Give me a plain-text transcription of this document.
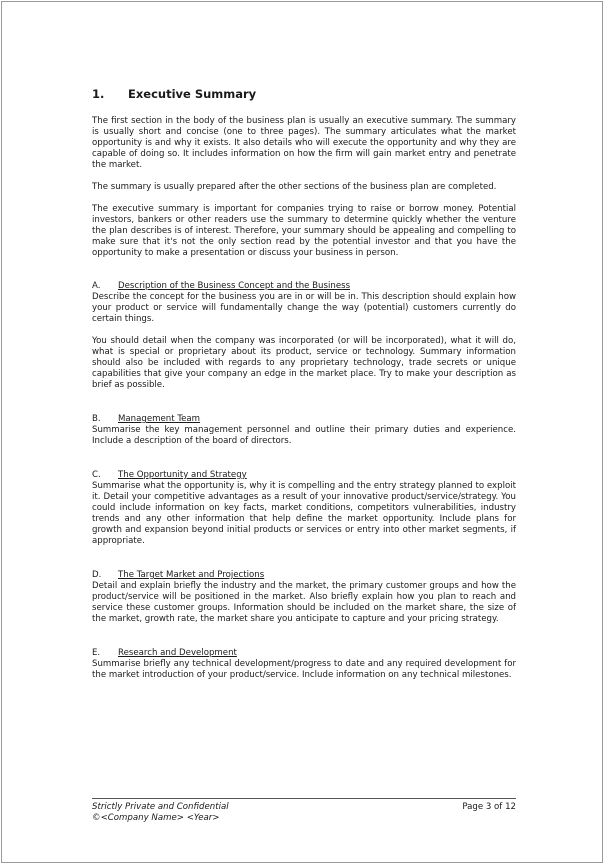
1.	Executive Summary

The first section in the body of the business plan is usually an executive summary. The summary is usually short and concise (one to three pages). The summary articulates what the market opportunity is and why it exists. It also details who will execute the opportunity and why they are capable of doing so. It includes information on how the firm will gain market entry and penetrate the market.

The summary is usually prepared after the other sections of the business plan are completed.

The executive summary is important for companies trying to raise or borrow money. Potential investors, bankers or other readers use the summary to determine quickly whether the venture the plan describes is of interest. Therefore, your summary should be appealing and compelling to make sure that it's not the only section read by the potential investor and that you have the opportunity to make a presentation or discuss your business in person.

A.	Description of the Business Concept and the Business

Describe the concept for the business you are in or will be in. This description should explain how your product or service will fundamentally change the way (potential) customers currently do certain things.

You should detail when the company was incorporated (or will be incorporated), what it will do, what is special or proprietary about its product, service or technology. Summary information should also be included with regards to any proprietary technology, trade secrets or unique capabilities that give your company an edge in the market place. Try to make your description as brief as possible.

B.	Management Team

Summarise the key management personnel and outline their primary duties and experience. Include a description of the board of directors.

C.	The Opportunity and Strategy

Summarise what the opportunity is, why it is compelling and the entry strategy planned to exploit it. Detail your competitive advantages as a result of your innovative product/service/strategy. You could include information on key facts, market conditions, competitors vulnerabilities, industry trends and any other information that help define the market opportunity. Include plans for growth and expansion beyond initial products or services or entry into other market segments, if appropriate.

D.	The Target Market and Projections

Detail and explain briefly the industry and the market, the primary customer groups and how the product/service will be positioned in the market. Also briefly explain how you plan to reach and service these customer groups. Information should be included on the market share, the size of the market, growth rate, the market share you anticipate to capture and your pricing strategy.

E.	Research and Development

Summarise briefly any technical development/progress to date and any required development for the market introduction of your product/service. Include information on any technical milestones.

Strictly Private and Confidential	Page 3 of 12
©<Company Name> <Year>
